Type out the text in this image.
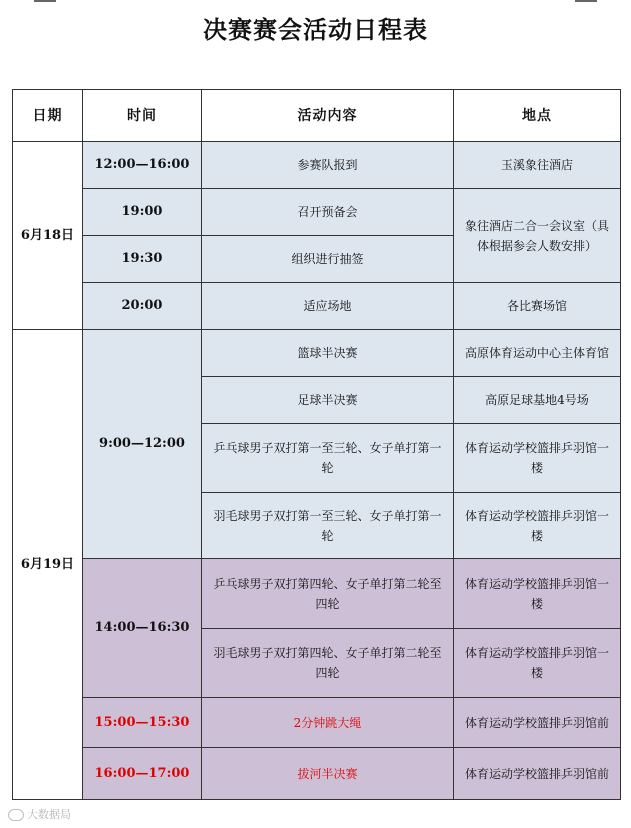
决赛赛会活动日程表
日期	时间	活动内容	地点
6月18日	12:00—16:00	参赛队报到	玉溪象往酒店
	19:00	召开预备会	象往酒店二合一会议室（具体根据参会人数安排）
	19:30	组织进行抽签	
	20:00	适应场地	各比赛场馆
6月19日	9:00—12:00	篮球半决赛	高原体育运动中心主体育馆
		足球半决赛	高原足球基地4号场
		乒乓球男子双打第一至三轮、女子单打第一轮	体育运动学校篮排乒羽馆一楼
		羽毛球男子双打第一至三轮、女子单打第一轮	体育运动学校篮排乒羽馆一楼
	14:00—16:30	乒乓球男子双打第四轮、女子单打第二轮至四轮	体育运动学校篮排乒羽馆一楼
		羽毛球男子双打第四轮、女子单打第二轮至四轮	体育运动学校篮排乒羽馆一楼
	15:00—15:30	2分钟跳大绳	体育运动学校篮排乒羽馆前
	16:00—17:00	拔河半决赛	体育运动学校篮排乒羽馆前
大数据局
